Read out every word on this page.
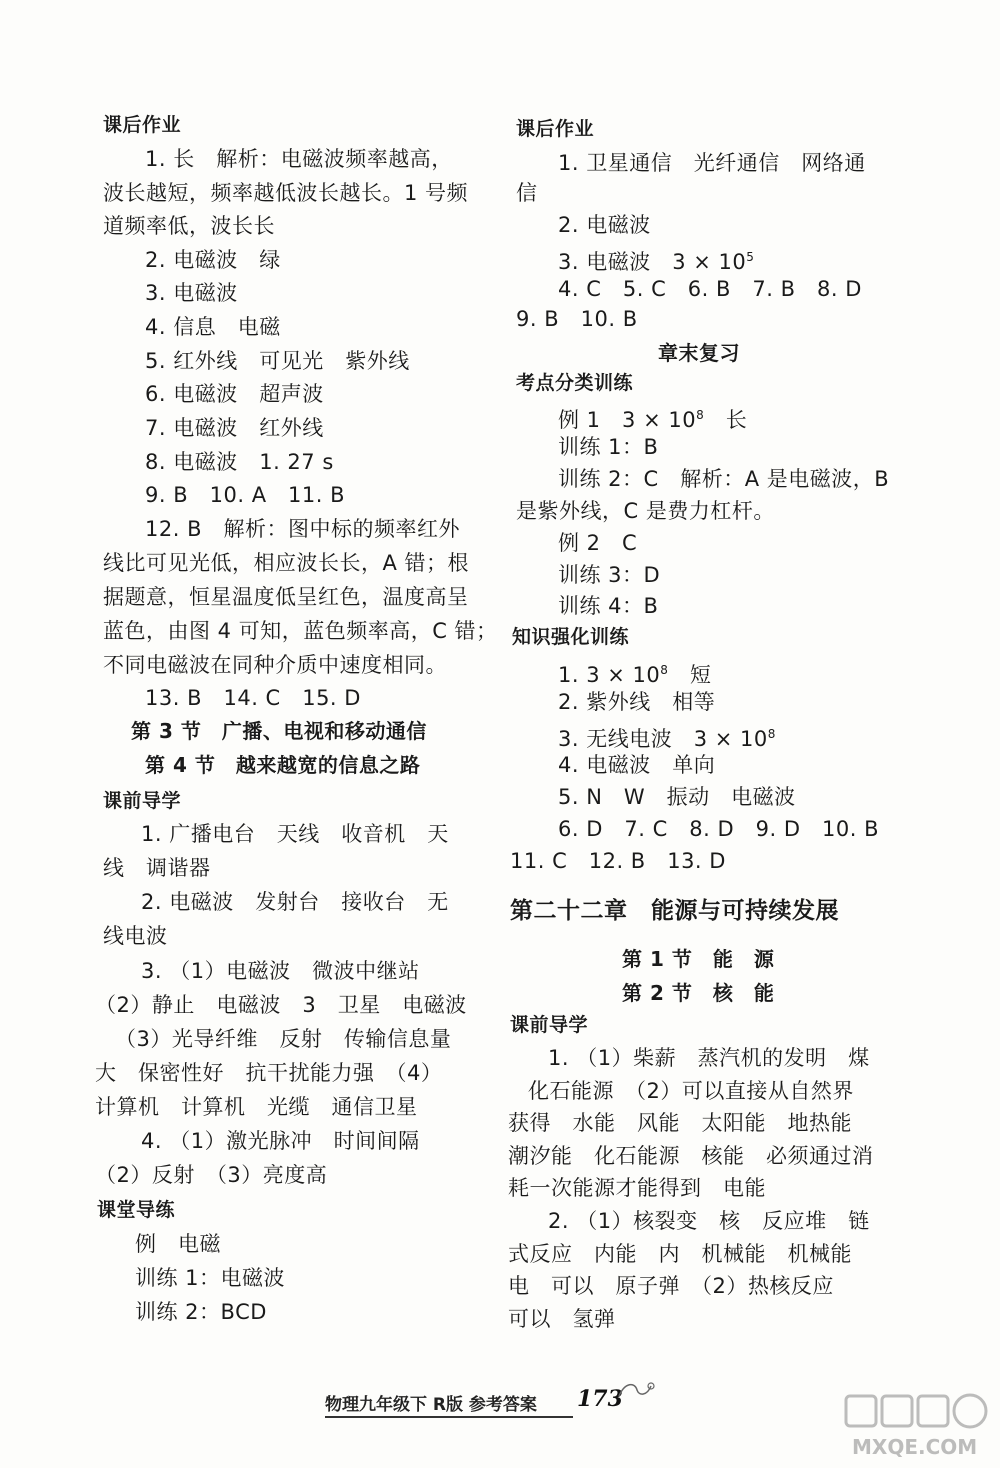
课后作业
1. 长　解析：电磁波频率越高，
波长越短，频率越低波长越长。1 号频
道频率低，波长长
2. 电磁波　绿
3. 电磁波
4. 信息　电磁
5. 红外线　可见光　紫外线
6. 电磁波　超声波
7. 电磁波　红外线
8. 电磁波　1. 27 s
9. B　10. A　11. B
12. B　解析：图中标的频率红外
线比可见光低，相应波长长，A 错；根
据题意，恒星温度低呈红色，温度高呈
蓝色，由图 4 可知，蓝色频率高，C 错；
不同电磁波在同种介质中速度相同。
13. B　14. C　15. D
第 3 节　广播、电视和移动通信
第 4 节　越来越宽的信息之路
课前导学
1. 广播电台　天线　收音机　天
线　调谐器
2. 电磁波　发射台　接收台　无
线电波
3. （1）电磁波　微波中继站
（2）静止　电磁波　3　卫星　电磁波
（3）光导纤维　反射　传输信息量
大　保密性好　抗干扰能力强　（4）
计算机　计算机　光缆　通信卫星
4. （1）激光脉冲　时间间隔
（2）反射　（3）亮度高
课堂导练
例　电磁
训练 1：电磁波
训练 2：BCD
课后作业
1. 卫星通信　光纤通信　网络通
信
2. 电磁波
3. 电磁波　$3 \times 10^5$
4. C　5. C　6. B　7. B　8. D
9. B　10. B
章末复习
考点分类训练
例 1　$3 \times 10^8$　 长
训练 1：B
训练 2：C　解析：A 是电磁波，B
是紫外线，C 是费力杠杆。
例 2　C
训练 3：D
训练 4：B
知识强化训练
1. $3 \times 10^8$　 短
2. 紫外线　相等
3. 无线电波　$3 \times 10^8$
4. 电磁波　单向
5. N　W　振动　电磁波
6. D　7. C　8. D　9. D　10. B
11. C　12. B　13. D
第二十二章　能源与可持续发展
第 1 节　能　源
第 2 节　核　能
课前导学
1. （1）柴薪　蒸汽机的发明　煤
化石能源　（2）可以直接从自然界
获得　水能　风能　太阳能　地热能
潮汐能　化石能源　核能　必须通过消
耗一次能源才能得到　电能
2. （1）核裂变　核　反应堆　链
式反应　内能　内　机械能　机械能
电　可以　原子弹　（2）热核反应
可以　氢弹
物理九年级下 R版 参考答案 173
MXQE.COM
